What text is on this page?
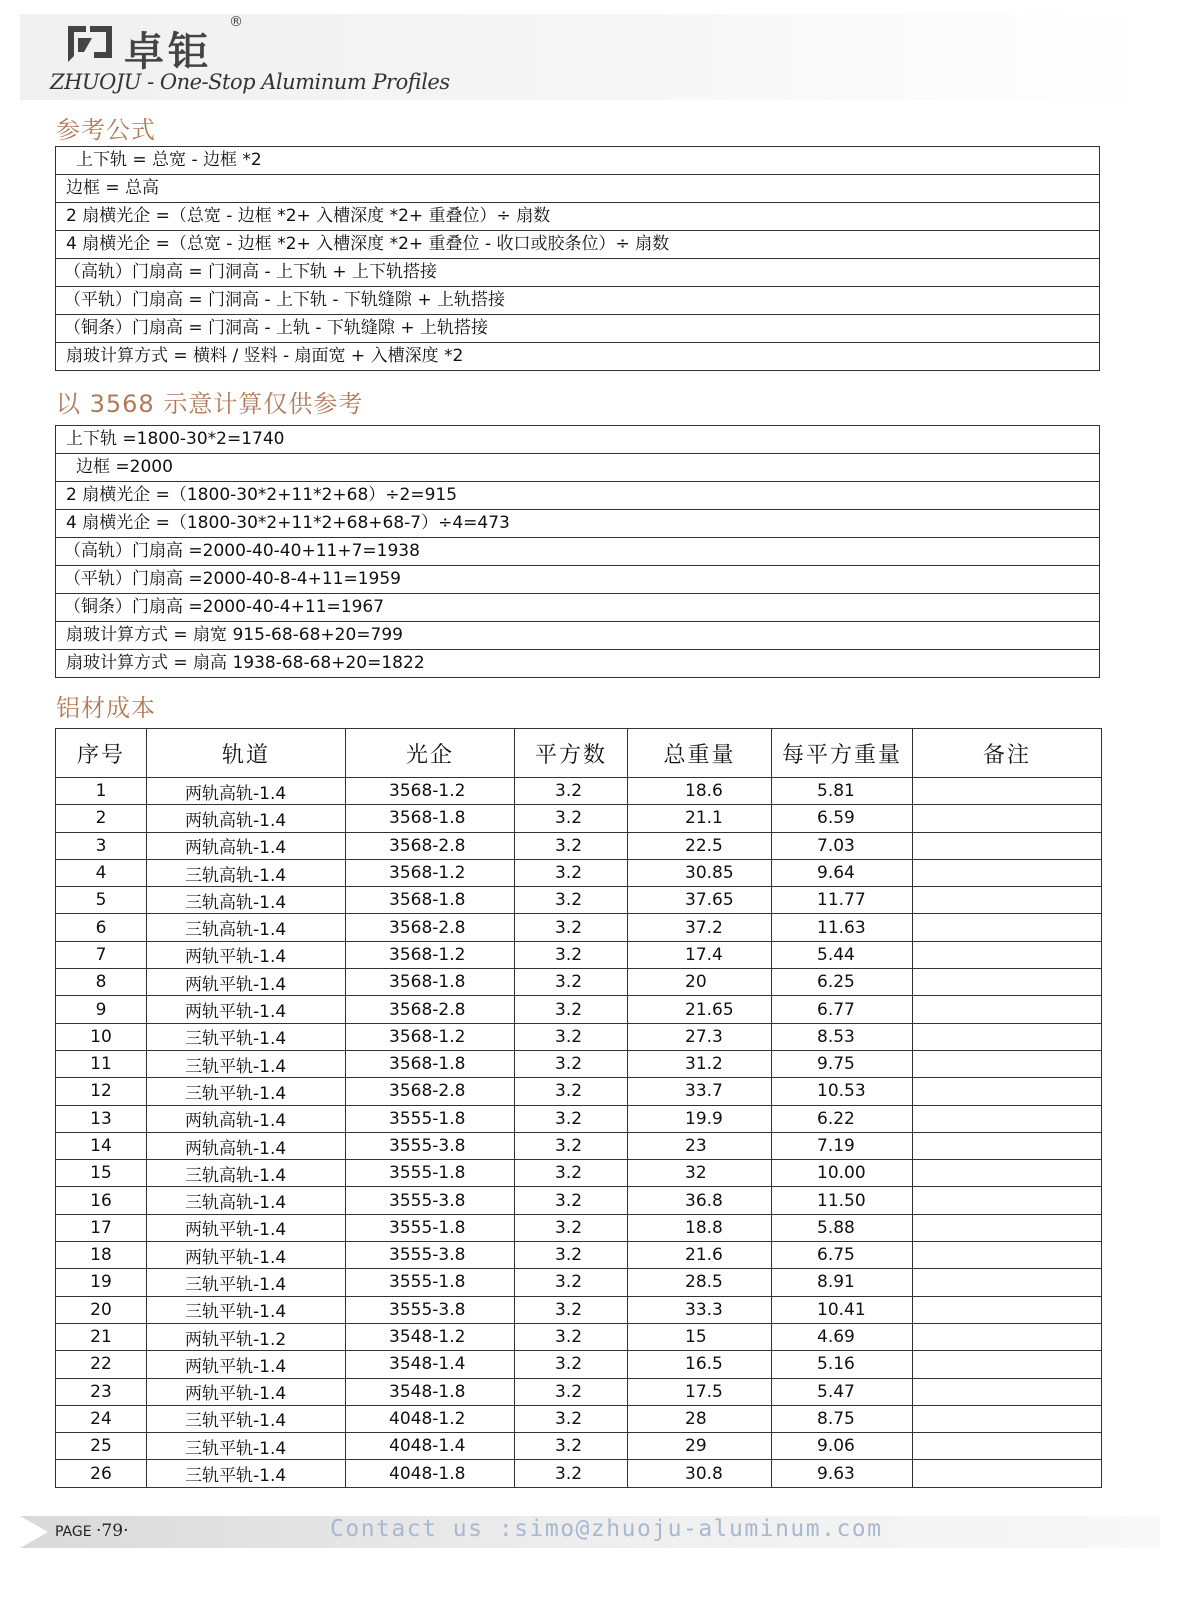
卓钜
®
ZHUOJU - One-Stop Aluminum Profiles
参考公式
上下轨 = 总宽 - 边框 *2
边框 = 总高
2 扇横光企 =（总宽 - 边框 *2+ 入槽深度 *2+ 重叠位）÷ 扇数
4 扇横光企 =（总宽 - 边框 *2+ 入槽深度 *2+ 重叠位 - 收口或胶条位）÷ 扇数
（高轨）门扇高 = 门洞高 - 上下轨 + 上下轨搭接
（平轨）门扇高 = 门洞高 - 上下轨 - 下轨缝隙 + 上轨搭接
（铜条）门扇高 = 门洞高 - 上轨 - 下轨缝隙 + 上轨搭接
扇玻计算方式 = 横料 / 竖料 - 扇面宽 + 入槽深度 *2
以 3568 示意计算仅供参考
上下轨 =1800-30*2=1740
边框 =2000
2 扇横光企 =（1800-30*2+11*2+68）÷2=915
4 扇横光企 =（1800-30*2+11*2+68+68-7）÷4=473
（高轨）门扇高 =2000-40-40+11+7=1938
（平轨）门扇高 =2000-40-8-4+11=1959
（铜条）门扇高 =2000-40-4+11=1967
扇玻计算方式 = 扇宽 915-68-68+20=799
扇玻计算方式 = 扇高 1938-68-68+20=1822
铝材成本
序号	轨道	光企	平方数	总重量	每平方重量	备注
1	两轨高轨-1.4	3568-1.2	3.2	18.6	5.81	
2	两轨高轨-1.4	3568-1.8	3.2	21.1	6.59	
3	两轨高轨-1.4	3568-2.8	3.2	22.5	7.03	
4	三轨高轨-1.4	3568-1.2	3.2	30.85	9.64	
5	三轨高轨-1.4	3568-1.8	3.2	37.65	11.77	
6	三轨高轨-1.4	3568-2.8	3.2	37.2	11.63	
7	两轨平轨-1.4	3568-1.2	3.2	17.4	5.44	
8	两轨平轨-1.4	3568-1.8	3.2	20	6.25	
9	两轨平轨-1.4	3568-2.8	3.2	21.65	6.77	
10	三轨平轨-1.4	3568-1.2	3.2	27.3	8.53	
11	三轨平轨-1.4	3568-1.8	3.2	31.2	9.75	
12	三轨平轨-1.4	3568-2.8	3.2	33.7	10.53	
13	两轨高轨-1.4	3555-1.8	3.2	19.9	6.22	
14	两轨高轨-1.4	3555-3.8	3.2	23	7.19	
15	三轨高轨-1.4	3555-1.8	3.2	32	10.00	
16	三轨高轨-1.4	3555-3.8	3.2	36.8	11.50	
17	两轨平轨-1.4	3555-1.8	3.2	18.8	5.88	
18	两轨平轨-1.4	3555-3.8	3.2	21.6	6.75	
19	三轨平轨-1.4	3555-1.8	3.2	28.5	8.91	
20	三轨平轨-1.4	3555-3.8	3.2	33.3	10.41	
21	两轨平轨-1.2	3548-1.2	3.2	15	4.69	
22	两轨平轨-1.4	3548-1.4	3.2	16.5	5.16	
23	两轨平轨-1.4	3548-1.8	3.2	17.5	5.47	
24	三轨平轨-1.4	4048-1.2	3.2	28	8.75	
25	三轨平轨-1.4	4048-1.4	3.2	29	9.06	
26	三轨平轨-1.4	4048-1.8	3.2	30.8	9.63	
PAGE ·79·	Contact us :simo@zhuoju-aluminum.com
